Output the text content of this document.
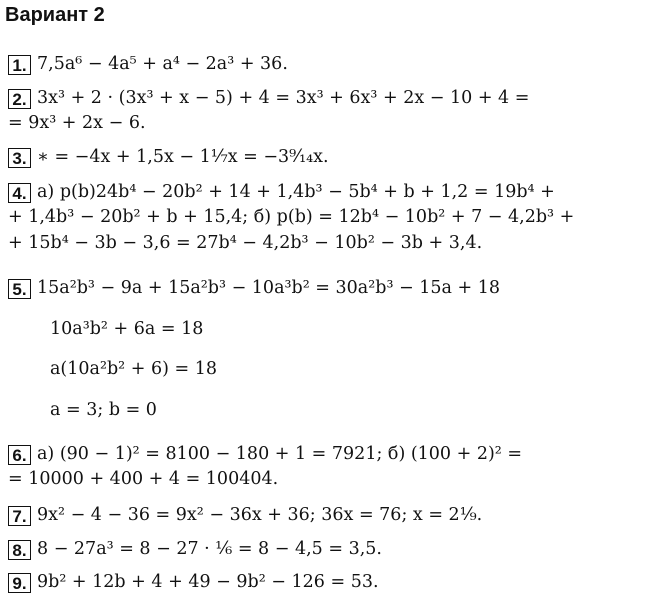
Вариант 2
1. 7,5a⁶ − 4a⁵ + a⁴ − 2a³ + 36.
2. 3x³ + 2 · (3x³ + x − 5) + 4 = 3x³ + 6x³ + 2x − 10 + 4 =
= 9x³ + 2x − 6.
3. ∗ = −4x + 1,5x − 1¹⁄₇x = −3⁹⁄₁₄x.
4. а) p(b)24b⁴ − 20b² + 14 + 1,4b³ − 5b⁴ + b + 1,2 = 19b⁴ +
+ 1,4b³ − 20b² + b + 15,4; б) p(b) = 12b⁴ − 10b² + 7 − 4,2b³ +
+ 15b⁴ − 3b − 3,6 = 27b⁴ − 4,2b³ − 10b² − 3b + 3,4.
5. 15a²b³ − 9a + 15a²b³ − 10a³b² = 30a²b³ − 15a + 18
10a³b² + 6a = 18
a(10a²b² + 6) = 18
a = 3; b = 0
6. а) (90 − 1)² = 8100 − 180 + 1 = 7921; б) (100 + 2)² =
= 10000 + 400 + 4 = 100404.
7. 9x² − 4 − 36 = 9x² − 36x + 36; 36x = 76; x = 2¹⁄₉.
8. 8 − 27a³ = 8 − 27 · ¹⁄₆ = 8 − 4,5 = 3,5.
9. 9b² + 12b + 4 + 49 − 9b² − 126 = 53.
